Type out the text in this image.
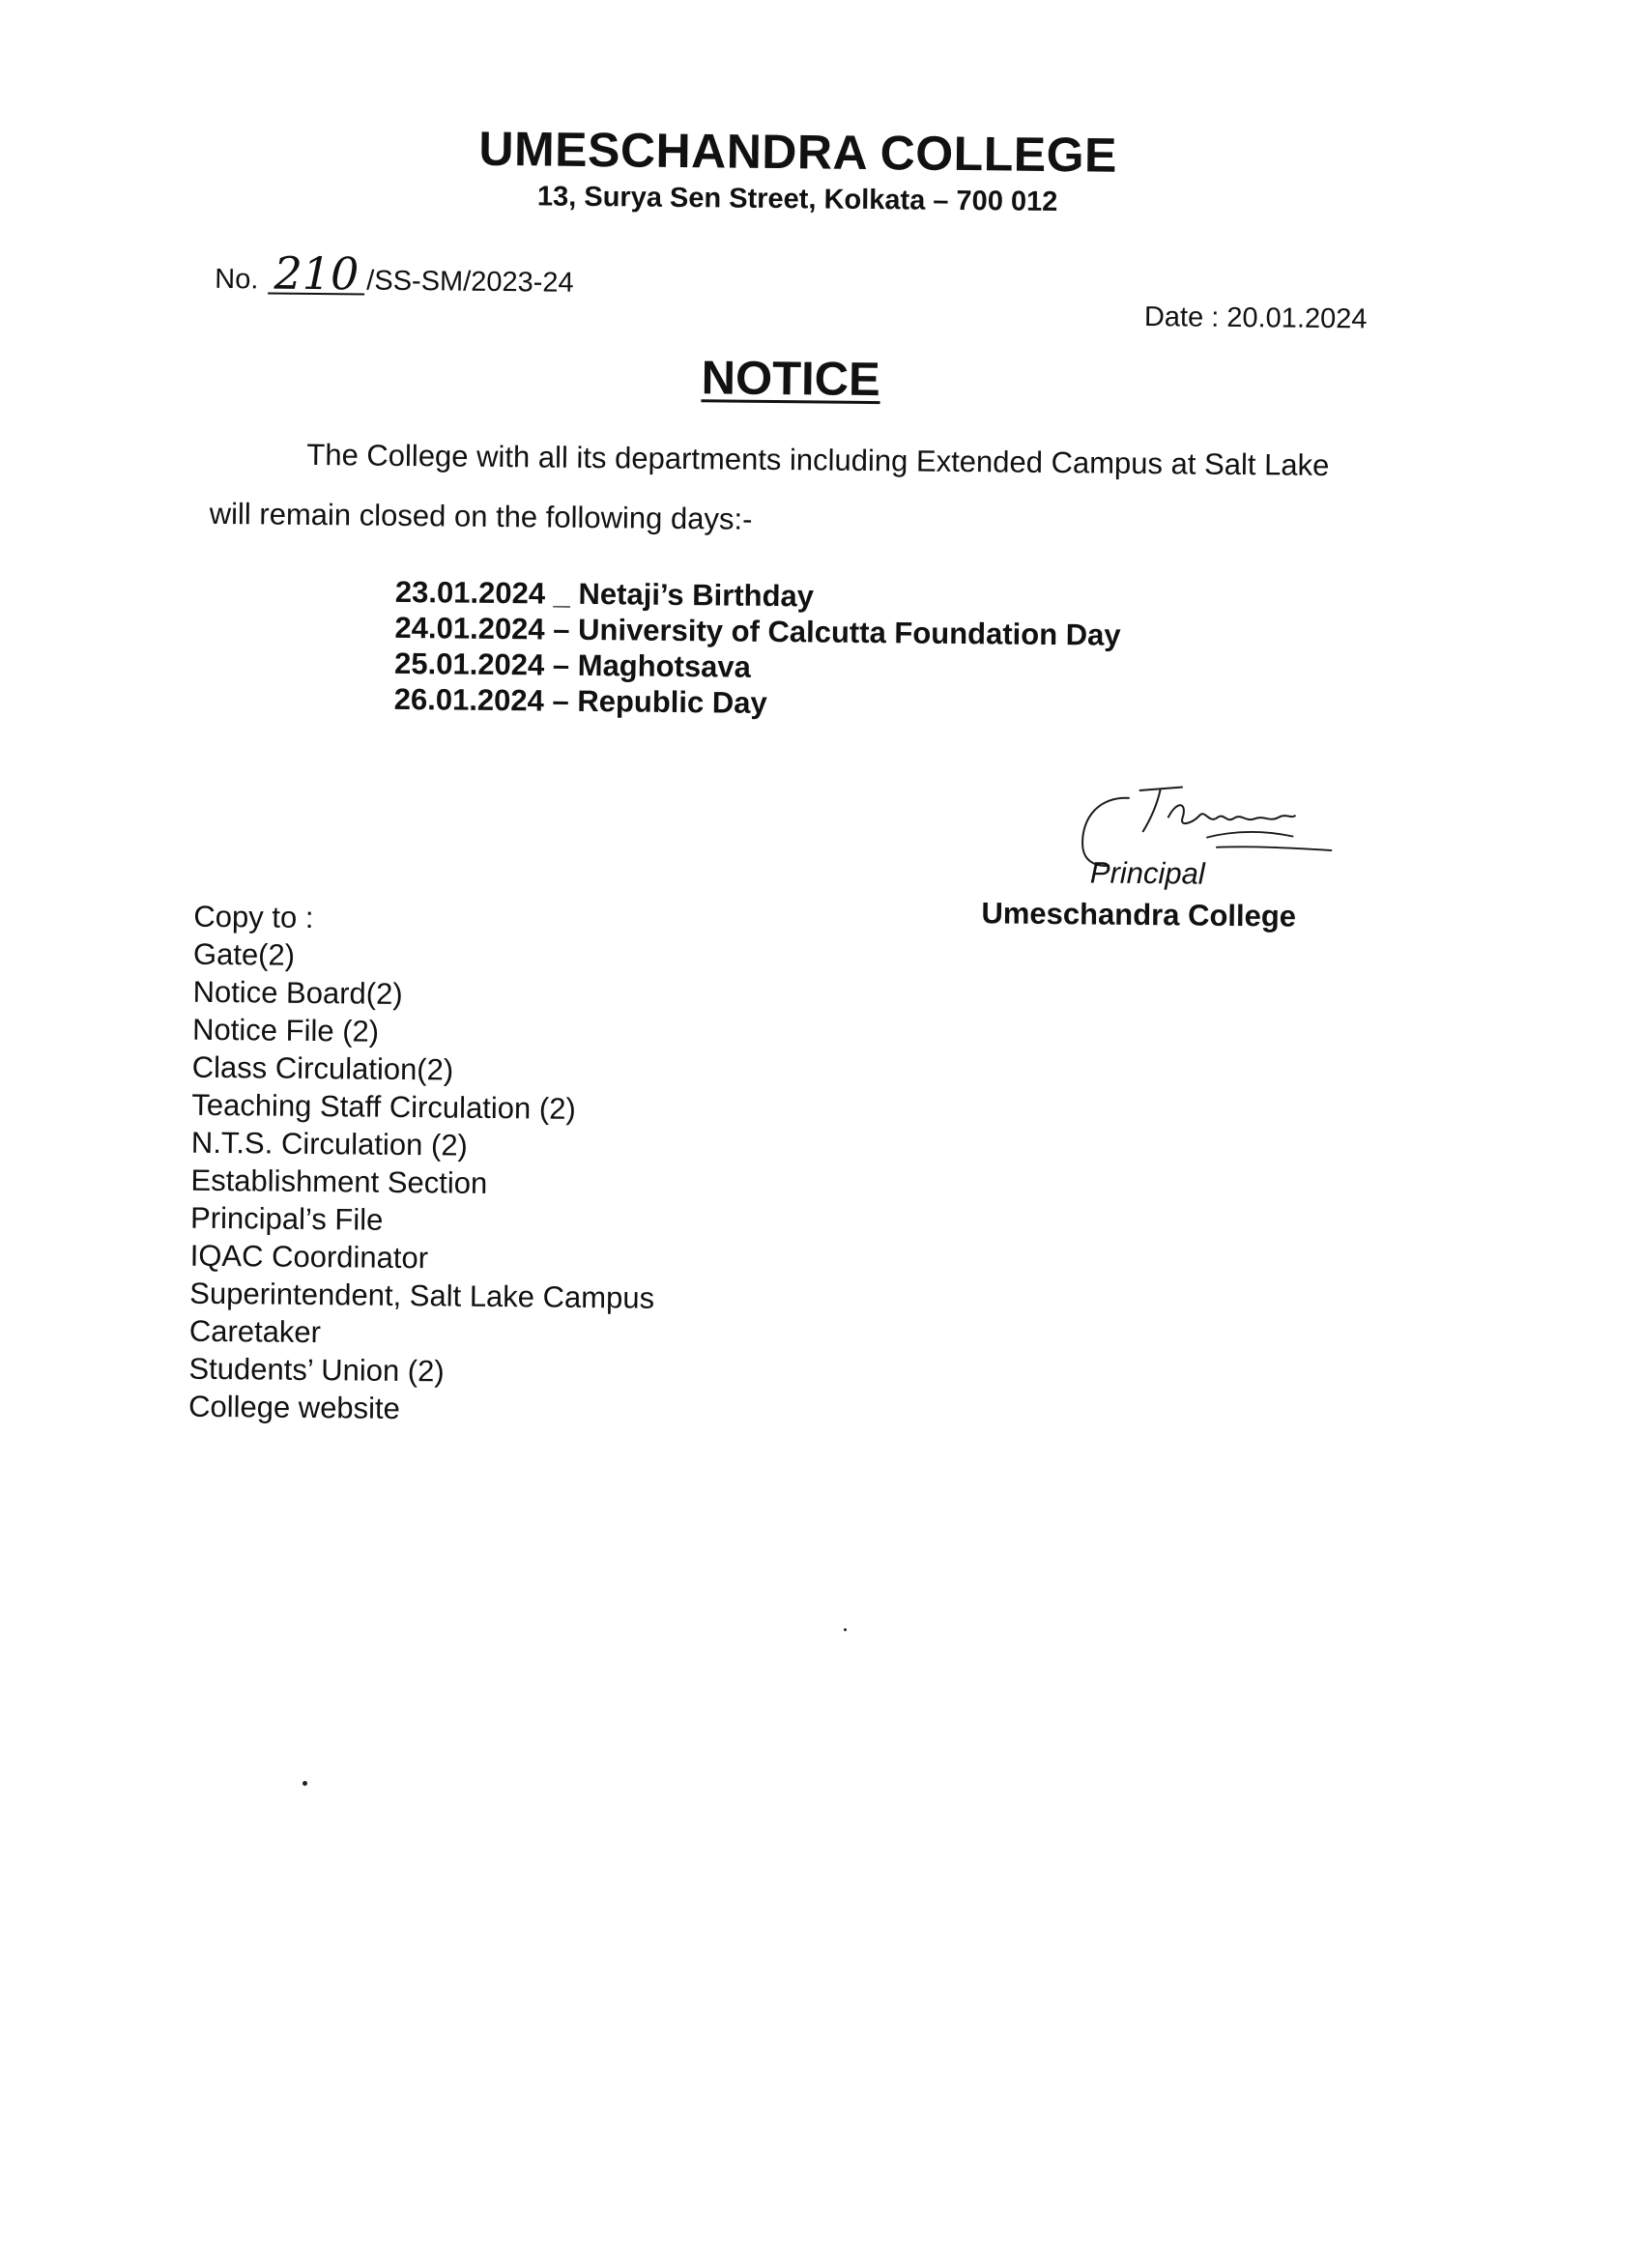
UMESCHANDRA COLLEGE
13, Surya Sen Street, Kolkata – 700 012
No. 210 /SS-SM/2023-24
Date : 20.01.2024
NOTICE
The College with all its departments including Extended Campus at Salt Lake will remain closed on the following days:-
23.01.2024 _ Netaji’s Birthday
24.01.2024 – University of Calcutta Foundation Day
25.01.2024 – Maghotsava
26.01.2024 – Republic Day
Principal
Umeschandra College
Copy to :
Gate(2)
Notice Board(2)
Notice File (2)
Class Circulation(2)
Teaching Staff Circulation (2)
N.T.S. Circulation (2)
Establishment Section
Principal’s File
IQAC Coordinator
Superintendent, Salt Lake Campus
Caretaker
Students’ Union (2)
College website
